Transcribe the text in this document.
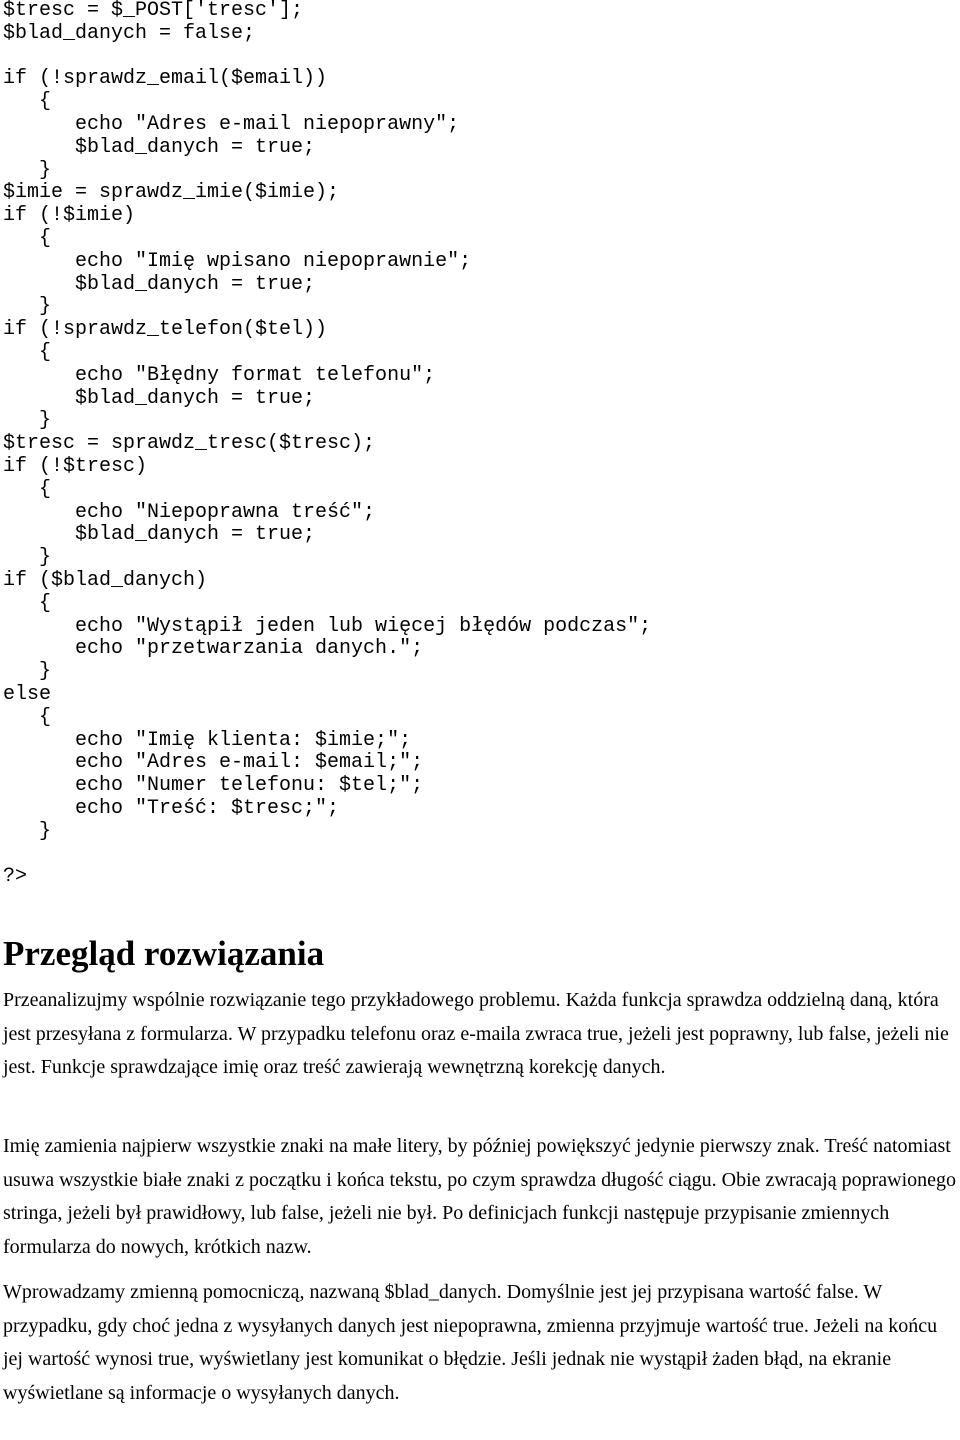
$tresc = $_POST['tresc'];
$blad_danych = false;
if (!sprawdz_email($email))
{
echo "Adres e-mail niepoprawny";
$blad_danych = true;
}
$imie = sprawdz_imie($imie);
if (!$imie)
{
echo "Imię wpisano niepoprawnie";
$blad_danych = true;
}
if (!sprawdz_telefon($tel))
{
echo "Błędny format telefonu";
$blad_danych = true;
}
$tresc = sprawdz_tresc($tresc);
if (!$tresc)
{
echo "Niepoprawna treść";
$blad_danych = true;
}
if ($blad_danych)
{
echo "Wystąpił jeden lub więcej błędów podczas";
echo "przetwarzania danych.";
}
else
{
echo "Imię klienta: $imie;";
echo "Adres e-mail: $email;";
echo "Numer telefonu: $tel;";
echo "Treść: $tresc;";
}
?>
Przegląd rozwiązania

Przeanalizujmy wspólnie rozwiązanie tego przykładowego problemu. Każda funkcja sprawdza oddzielną daną, która jest przesyłana z formularza. W przypadku telefonu oraz e-maila zwraca true, jeżeli jest poprawny, lub false, jeżeli nie jest. Funkcje sprawdzające imię oraz treść zawierają wewnętrzną korekcję danych.

Imię zamienia najpierw wszystkie znaki na małe litery, by później powiększyć jedynie pierwszy znak. Treść natomiast usuwa wszystkie białe znaki z początku i końca tekstu, po czym sprawdza długość ciągu. Obie zwracają poprawionego stringa, jeżeli był prawidłowy, lub false, jeżeli nie był. Po definicjach funkcji następuje przypisanie zmiennych formularza do nowych, krótkich nazw.

Wprowadzamy zmienną pomocniczą, nazwaną $blad_danych. Domyślnie jest jej przypisana wartość false. W przypadku, gdy choć jedna z wysyłanych danych jest niepoprawna, zmienna przyjmuje wartość true. Jeżeli na końcu jej wartość wynosi true, wyświetlany jest komunikat o błędzie. Jeśli jednak nie wystąpił żaden błąd, na ekranie wyświetlane są informacje o wysyłanych danych.
